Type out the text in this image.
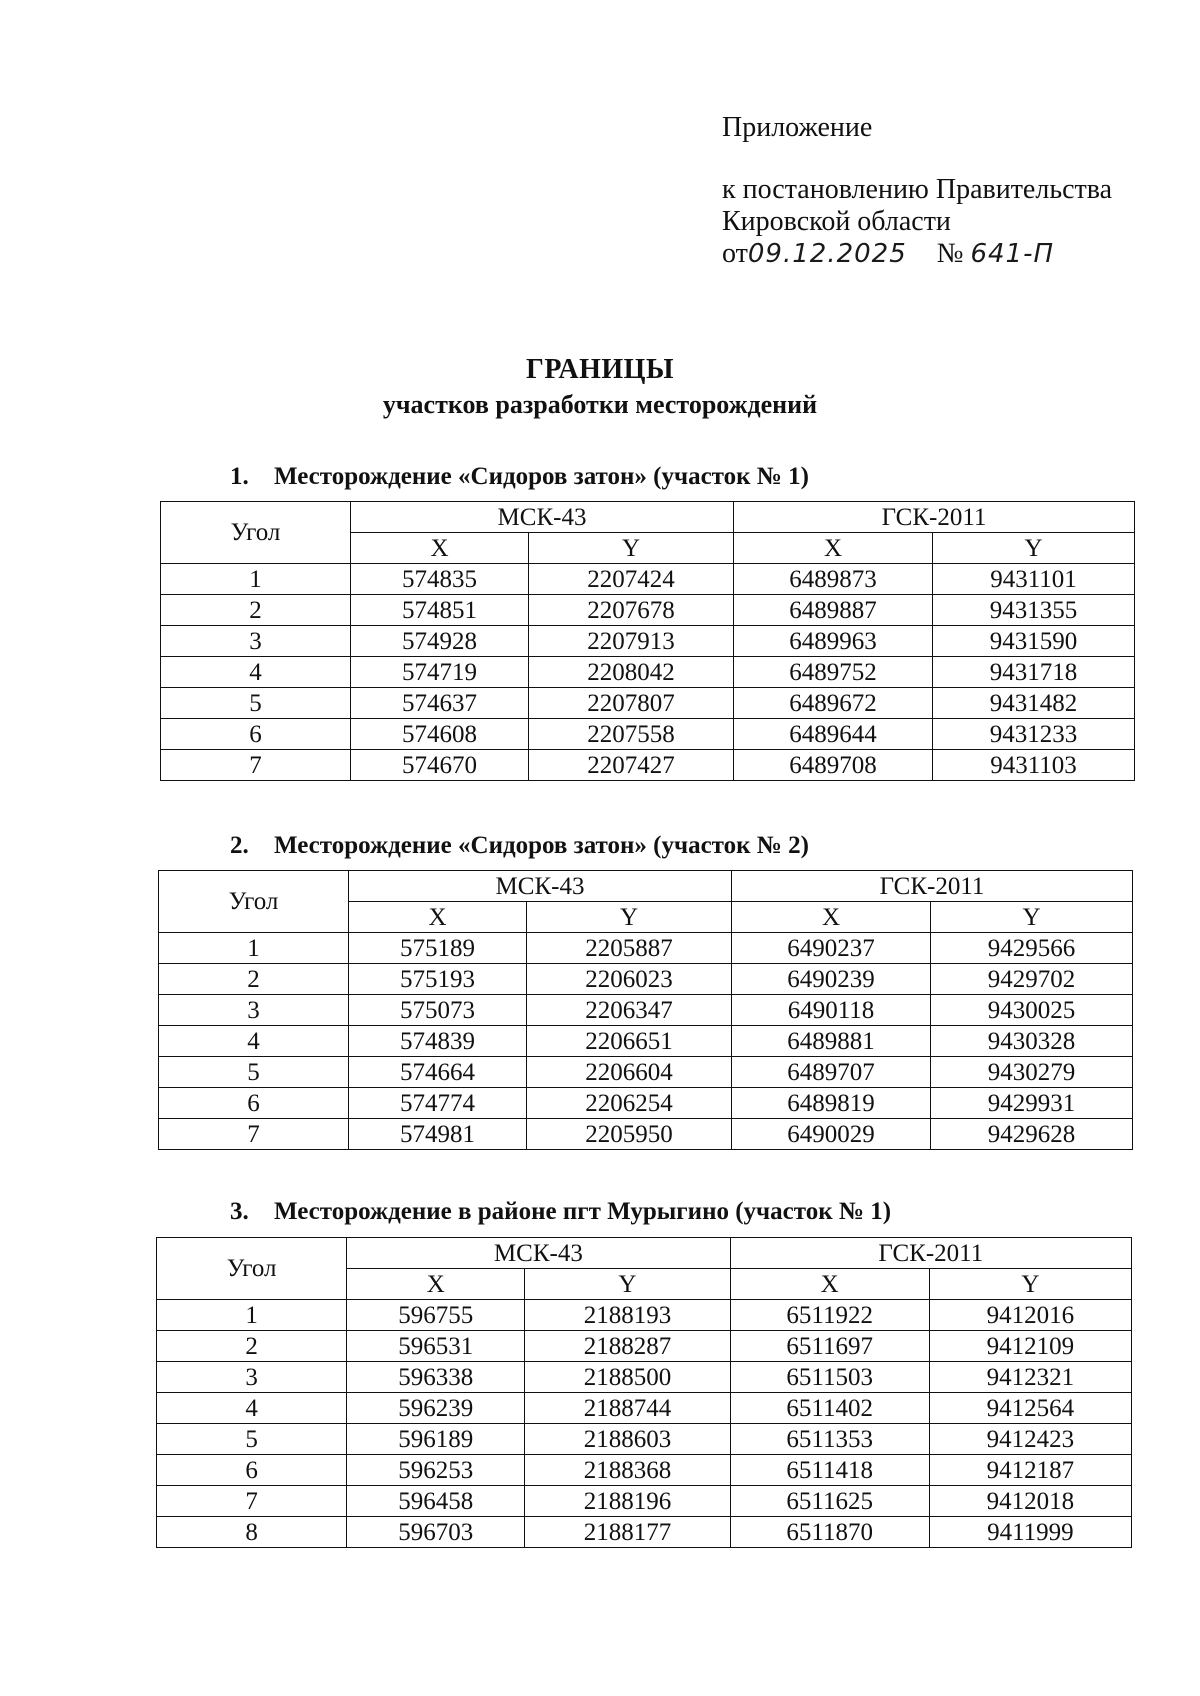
Приложение
к постановлению Правительства
Кировской области
от09.12.2025 № 641-П
ГРАНИЦЫ
участков разработки месторождений
1. Месторождение «Сидоров затон» (участок № 1)
Угол	МСК-43		ГСК-2011	
	X	Y	X	Y
1	574835	2207424	6489873	9431101
2	574851	2207678	6489887	9431355
3	574928	2207913	6489963	9431590
4	574719	2208042	6489752	9431718
5	574637	2207807	6489672	9431482
6	574608	2207558	6489644	9431233
7	574670	2207427	6489708	9431103
2. Месторождение «Сидоров затон» (участок № 2)
Угол	МСК-43		ГСК-2011	
	X	Y	X	Y
1	575189	2205887	6490237	9429566
2	575193	2206023	6490239	9429702
3	575073	2206347	6490118	9430025
4	574839	2206651	6489881	9430328
5	574664	2206604	6489707	9430279
6	574774	2206254	6489819	9429931
7	574981	2205950	6490029	9429628
3. Месторождение в районе пгт Мурыгино (участок № 1)
Угол	МСК-43		ГСК-2011	
	X	Y	X	Y
1	596755	2188193	6511922	9412016
2	596531	2188287	6511697	9412109
3	596338	2188500	6511503	9412321
4	596239	2188744	6511402	9412564
5	596189	2188603	6511353	9412423
6	596253	2188368	6511418	9412187
7	596458	2188196	6511625	9412018
8	596703	2188177	6511870	9411999
